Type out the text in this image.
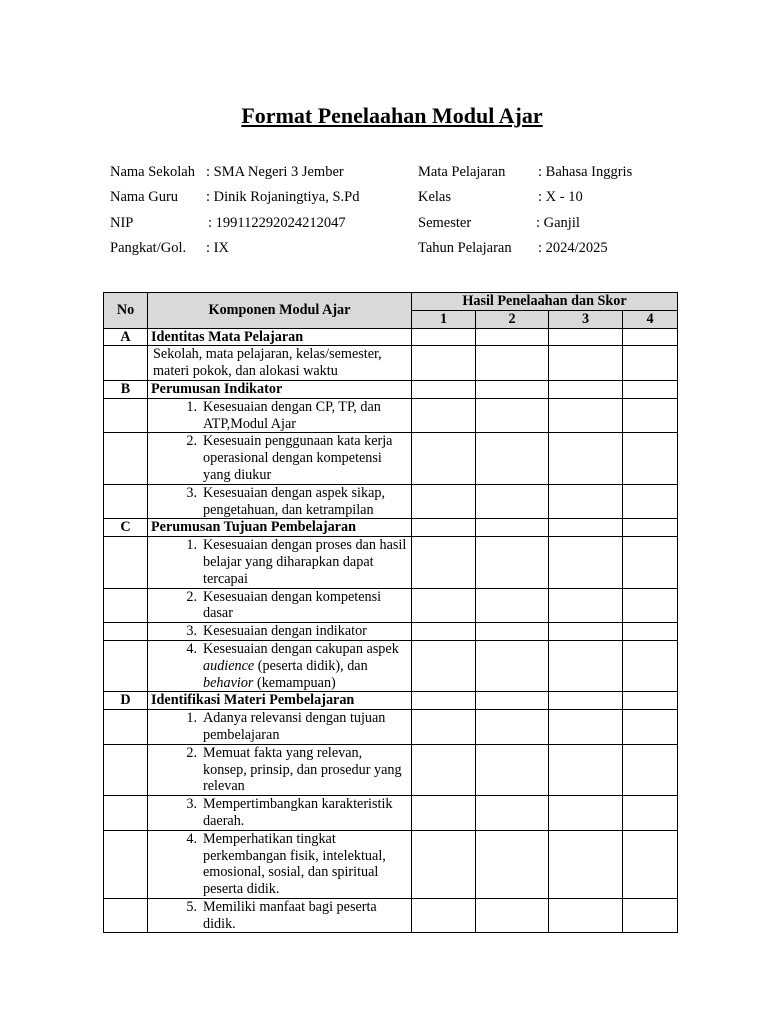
Format Penelaahan Modul Ajar
Nama Sekolah : SMA Negeri 3 Jember	Mata Pelajaran : Bahasa Inggris
Nama Guru : Dinik Rojaningtiya, S.Pd	Kelas	: X - 10
NIP	: 199112292024212047	Semester	: Ganjil
Pangkat/Gol. : IX	Tahun Pelajaran : 2024/2025
No	Komponen Modul Ajar	Hasil Penelaahan dan Skor			
		1	2	3	4
A	Identitas Mata Pelajaran				

	Sekolah, mata pelajaran, kelas/semester, materi pokok, dan alokasi waktu				

B	Perumusan Indikator				

	1. Kesesuaian dengan CP, TP, dan ATP,Modul Ajar				

	2. Kesesuain penggunaan kata kerja operasional dengan kompetensi yang diukur				

	3. Kesesuaian dengan aspek sikap, pengetahuan, dan ketrampilan				

C	Perumusan Tujuan Pembelajaran				

	1. Kesesuaian dengan proses dan hasil belajar yang diharapkan dapat tercapai				

	2. Kesesuaian dengan kompetensi dasar				

	3. Kesesuaian dengan indikator				

	4. Kesesuaian dengan cakupan aspek audience (peserta didik), dan behavior (kemampuan)				

D	Identifikasi Materi Pembelajaran				

	1. Adanya relevansi dengan tujuan pembelajaran				

	2. Memuat fakta yang relevan, konsep, prinsip, dan prosedur yang relevan				

	3. Mempertimbangkan karakteristik daerah.				

	4. Memperhatikan tingkat perkembangan fisik, intelektual, emosional, sosial, dan spiritual peserta didik.				

	5. Memiliki manfaat bagi peserta didik.				
